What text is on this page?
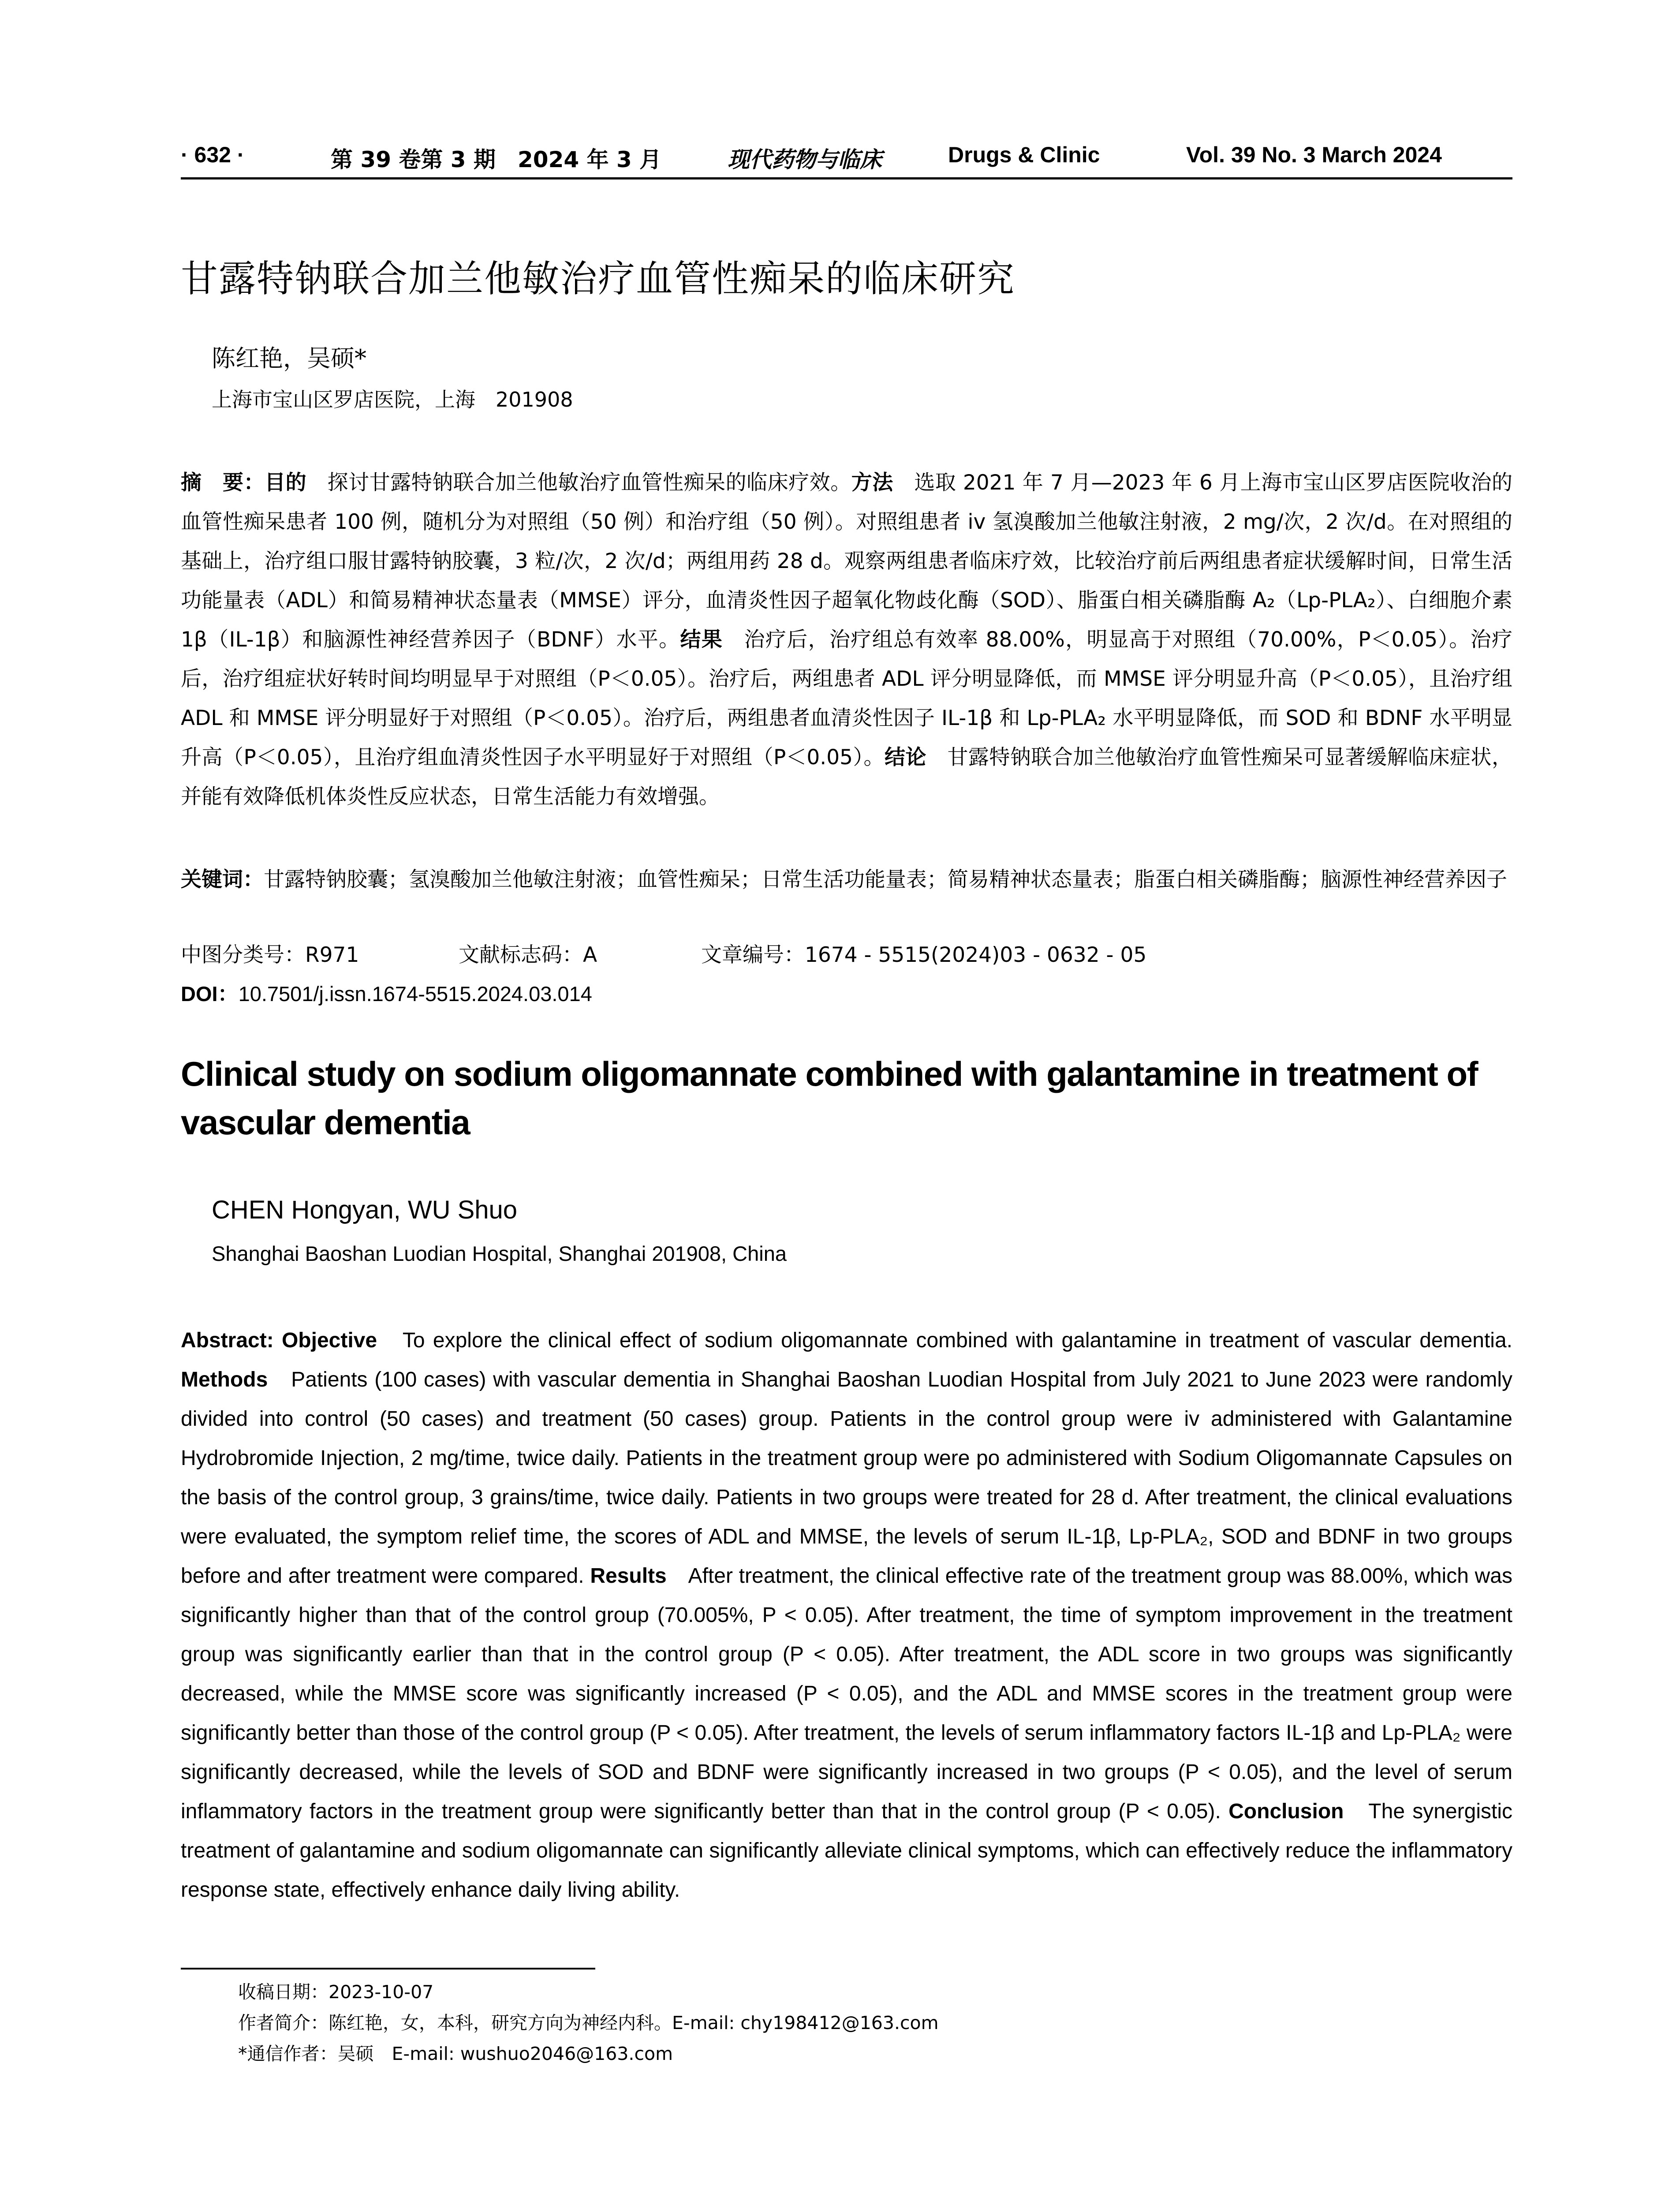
· 632 ·	第 39 卷第 3 期　2024 年 3 月	现代药物与临床	Drugs & Clinic	Vol. 39 No. 3 March 2024
甘露特钠联合加兰他敏治疗血管性痴呆的临床研究
陈红艳，吴硕*
上海市宝山区罗店医院，上海　201908
摘　要：目的　探讨甘露特钠联合加兰他敏治疗血管性痴呆的临床疗效。方法　选取 2021 年 7 月—2023 年 6 月上海市宝山区罗店医院收治的血管性痴呆患者 100 例，随机分为对照组（50 例）和治疗组（50 例）。对照组患者 iv 氢溴酸加兰他敏注射液，2 mg/次，2 次/d。在对照组的基础上，治疗组口服甘露特钠胶囊，3 粒/次，2 次/d；两组用药 28 d。观察两组患者临床疗效，比较治疗前后两组患者症状缓解时间，日常生活功能量表（ADL）和简易精神状态量表（MMSE）评分，血清炎性因子超氧化物歧化酶（SOD）、脂蛋白相关磷脂酶 A₂（Lp-PLA₂）、白细胞介素 1β（IL-1β）和脑源性神经营养因子（BDNF）水平。结果　治疗后，治疗组总有效率 88.00%，明显高于对照组（70.00%，P＜0.05）。治疗后，治疗组症状好转时间均明显早于对照组（P＜0.05）。治疗后，两组患者 ADL 评分明显降低，而 MMSE 评分明显升高（P＜0.05），且治疗组 ADL 和 MMSE 评分明显好于对照组（P＜0.05）。治疗后，两组患者血清炎性因子 IL-1β 和 Lp-PLA₂ 水平明显降低，而 SOD 和 BDNF 水平明显升高（P＜0.05），且治疗组血清炎性因子水平明显好于对照组（P＜0.05）。结论　甘露特钠联合加兰他敏治疗血管性痴呆可显著缓解临床症状，并能有效降低机体炎性反应状态，日常生活能力有效增强。
关键词：甘露特钠胶囊；氢溴酸加兰他敏注射液；血管性痴呆；日常生活功能量表；简易精神状态量表；脂蛋白相关磷脂酶；脑源性神经营养因子
中图分类号：R971	文献标志码：A	文章编号：1674 - 5515(2024)03 - 0632 - 05
DOI：10.7501/j.issn.1674-5515.2024.03.014
Clinical study on sodium oligomannate combined with galantamine in treatment of vascular dementia
CHEN Hongyan, WU Shuo
Shanghai Baoshan Luodian Hospital, Shanghai 201908, China
Abstract: Objective　To explore the clinical effect of sodium oligomannate combined with galantamine in treatment of vascular dementia. Methods　Patients (100 cases) with vascular dementia in Shanghai Baoshan Luodian Hospital from July 2021 to June 2023 were randomly divided into control (50 cases) and treatment (50 cases) group. Patients in the control group were iv administered with Galantamine Hydrobromide Injection, 2 mg/time, twice daily. Patients in the treatment group were po administered with Sodium Oligomannate Capsules on the basis of the control group, 3 grains/time, twice daily. Patients in two groups were treated for 28 d. After treatment, the clinical evaluations were evaluated, the symptom relief time, the scores of ADL and MMSE, the levels of serum IL-1β, Lp-PLA₂, SOD and BDNF in two groups before and after treatment were compared. Results　After treatment, the clinical effective rate of the treatment group was 88.00%, which was significantly higher than that of the control group (70.005%, P < 0.05). After treatment, the time of symptom improvement in the treatment group was significantly earlier than that in the control group (P < 0.05). After treatment, the ADL score in two groups was significantly decreased, while the MMSE score was significantly increased (P < 0.05), and the ADL and MMSE scores in the treatment group were significantly better than those of the control group (P < 0.05). After treatment, the levels of serum inflammatory factors IL-1β and Lp-PLA₂ were significantly decreased, while the levels of SOD and BDNF were significantly increased in two groups (P < 0.05), and the level of serum inflammatory factors in the treatment group were significantly better than that in the control group (P < 0.05). Conclusion　The synergistic treatment of galantamine and sodium oligomannate can significantly alleviate clinical symptoms, which can effectively reduce the inflammatory response state, effectively enhance daily living ability.
收稿日期：2023-10-07
作者简介：陈红艳，女，本科，研究方向为神经内科。E-mail: chy198412@163.com
*通信作者：吴硕　E-mail: wushuo2046@163.com
